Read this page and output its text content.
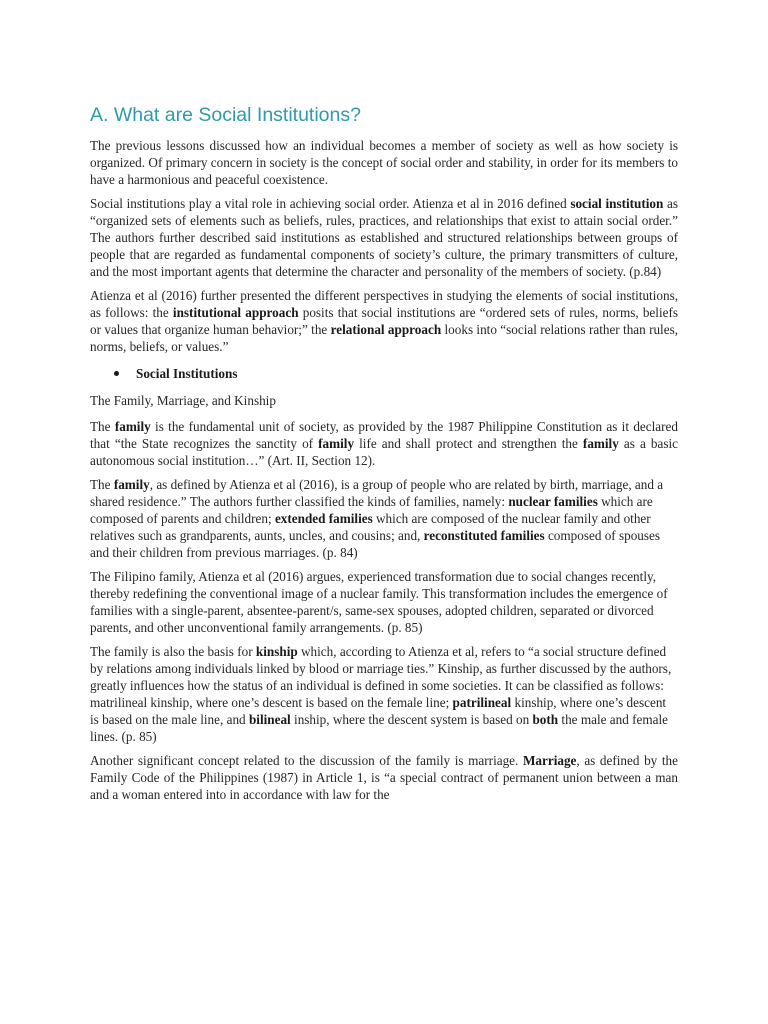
A. What are Social Institutions?

The previous lessons discussed how an individual becomes a member of society as well as how society is organized. Of primary concern in society is the concept of social order and stability, in order for its members to have a harmonious and peaceful coexistence.

Social institutions play a vital role in achieving social order. Atienza et al in 2016 defined social institution as “organized sets of elements such as beliefs, rules, practices, and relationships that exist to attain social order.” The authors further described said institutions as established and structured relationships between groups of people that are regarded as fundamental components of society’s culture, the primary transmitters of culture, and the most important agents that determine the character and personality of the members of society. (p.84)

Atienza et al (2016) further presented the different perspectives in studying the elements of social institutions, as follows: the institutional approach posits that social institutions are “ordered sets of rules, norms, beliefs or values that organize human behavior;” the relational approach looks into “social relations rather than rules, norms, beliefs, or values.”

Social Institutions

The Family, Marriage, and Kinship

The family is the fundamental unit of society, as provided by the 1987 Philippine Constitution as it declared that “the State recognizes the sanctity of family life and shall protect and strengthen the family as a basic autonomous social institution…” (Art. II, Section 12).

The family, as defined by Atienza et al (2016), is a group of people who are related by birth, marriage, and a shared residence.” The authors further classified the kinds of families, namely: nuclear families which are composed of parents and children; extended families which are composed of the nuclear family and other relatives such as grandparents, aunts, uncles, and cousins; and, reconstituted families composed of spouses and their children from previous marriages. (p. 84)

The Filipino family, Atienza et al (2016) argues, experienced transformation due to social changes recently, thereby redefining the conventional image of a nuclear family. This transformation includes the emergence of families with a single-parent, absentee-parent/s, same-sex spouses, adopted children, separated or divorced parents, and other unconventional family arrangements. (p. 85)

The family is also the basis for kinship which, according to Atienza et al, refers to “a social structure defined by relations among individuals linked by blood or marriage ties.” Kinship, as further discussed by the authors, greatly influences how the status of an individual is defined in some societies. It can be classified as follows: matrilineal kinship, where one’s descent is based on the female line; patrilineal kinship, where one’s descent is based on the male line, and bilineal inship, where the descent system is based on both the male and female lines. (p. 85)

Another significant concept related to the discussion of the family is marriage. Marriage, as defined by the Family Code of the Philippines (1987) in Article 1, is “a special contract of permanent union between a man and a woman entered into in accordance with law for the
